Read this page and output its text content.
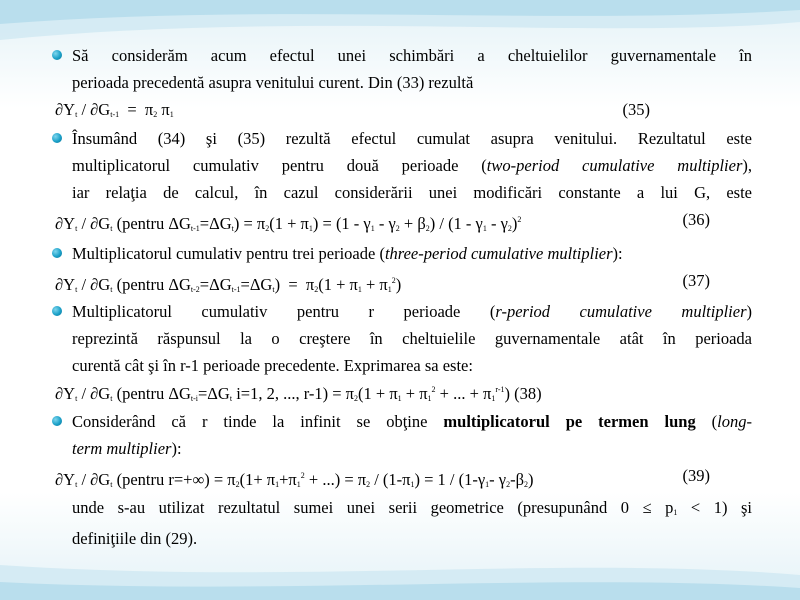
Să considerăm acum efectul unei schimbări a cheltuielilor guvernamentale în
perioada precedentă asupra venitului curent. Din (33) rezultă
$\partial Y_t / \partial G_{t-1} = \pi_2$ $\pi_1$	(35)
Însumând (34) şi (35) rezultă efectul cumulat asupra venitului. Rezultatul este
multiplicatorul cumulativ pentru două perioade (two-period cumulative multiplier),
iar relaţia de calcul, în cazul considerării unei modificări constante a lui G, este
$\partial Y_t / \partial G_t$ (pentru $\Delta G_{t-1}=\Delta G_t) = \pi_2(1 + \pi_1) = (1 - \gamma_1 - \gamma_2 + \beta_2) / (1 - \gamma_1 - \gamma_2)^2$	(36)
Multiplicatorul cumulativ pentru trei perioade (three-period cumulative multiplier):
$\partial Y_t / \partial G_t$ (pentru $\Delta G_{t-2}=\Delta G_{t-1}=\Delta G_t) = \pi_2(1 + \pi_1 + \pi_1^2)$	(37)
Multiplicatorul cumulativ pentru r perioade (r-period cumulative multiplier)
reprezintă răspunsul la o creştere în cheltuielile guvernamentale atât în perioada
curentă cât şi în r-1 perioade precedente. Exprimarea sa este:
$\partial Y_t / \partial G_t$ (pentru $\Delta G_{t-i}=\Delta G_t$ i=1, 2, ..., $r-1) = \pi_2(1 + \pi_1 + \pi_1^2$ + ... + $\pi_1^{r-1}$) (38)
Considerând că r tinde la infinit se obţine multiplicatorul pe termen lung (long-
term multiplier):
$\partial Y_t / \partial G_t$ (pentru $r=+\infty) = \pi_2(1+ \pi_1+\pi_1^2$ + ...) = $\pi_2 / (1-\pi_1) = 1 / (1-\gamma_1-$ $\gamma_2-\beta_2$)	(39)
unde s-au utilizat rezultatul sumei unei serii geometrice (presupunând $0 \le p_1 < 1$) şi
definiţiile din (29).
